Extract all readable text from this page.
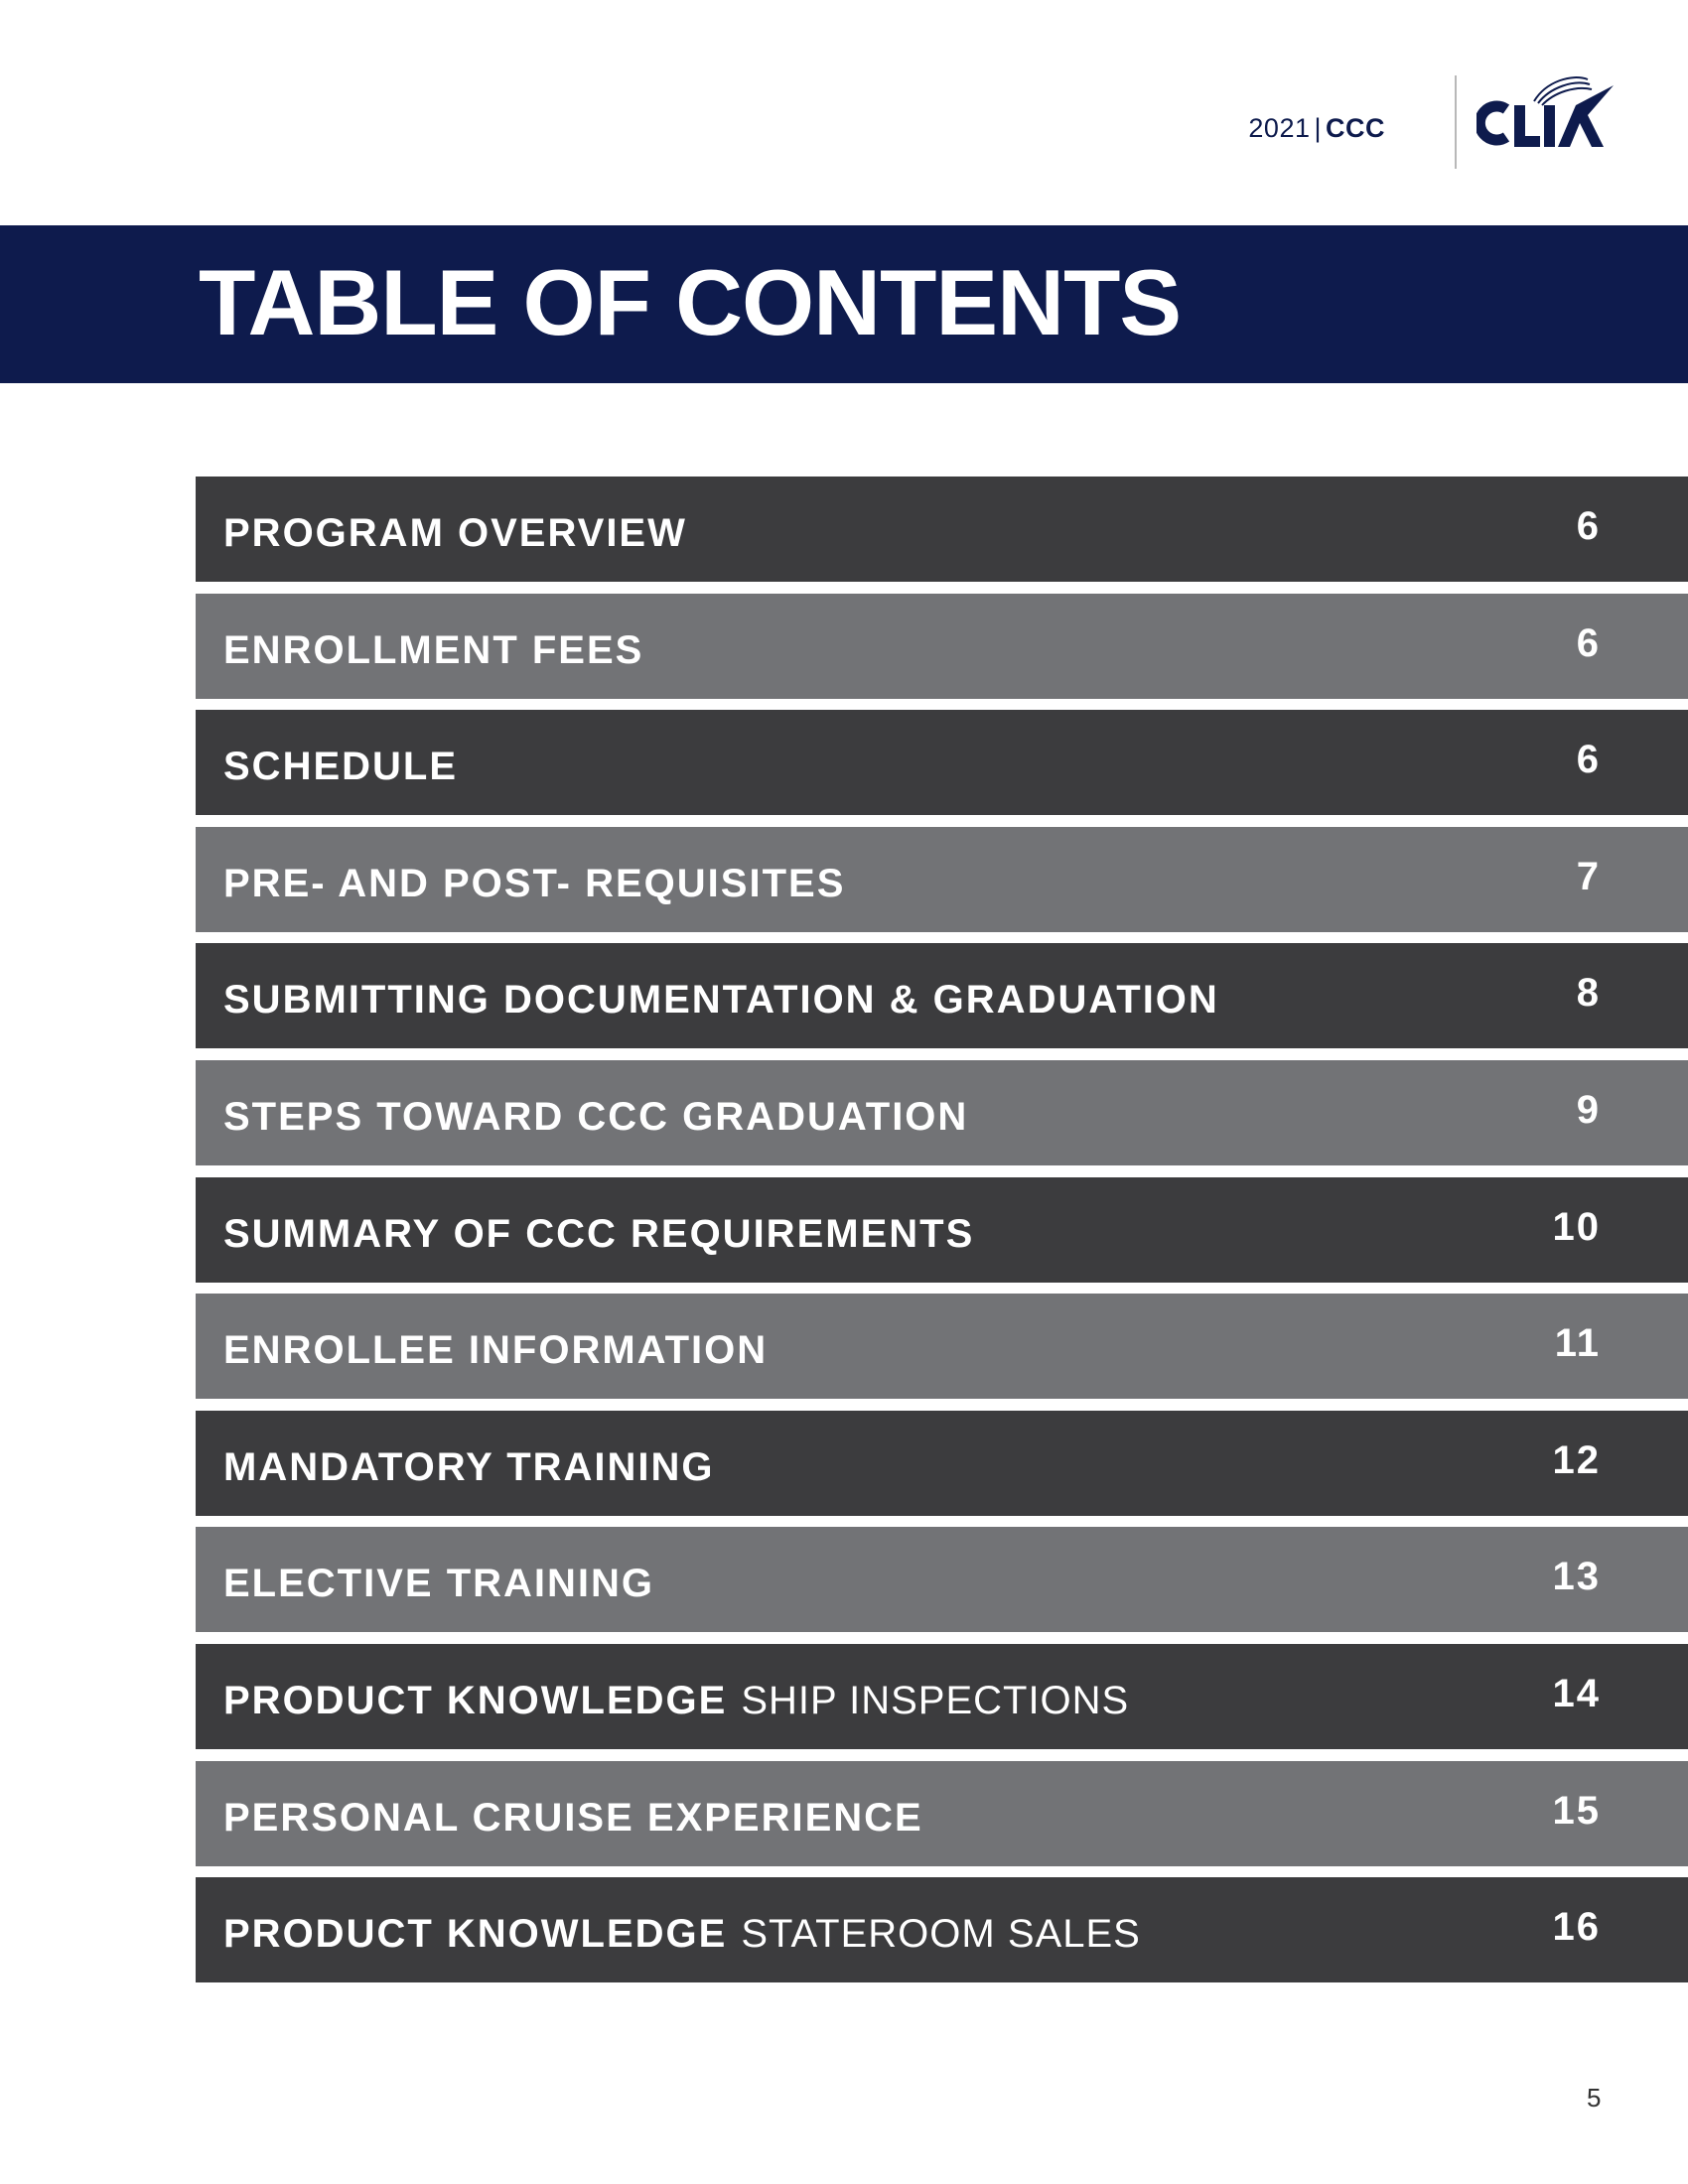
2021 | CCC
TABLE OF CONTENTS
PROGRAM OVERVIEW	6
ENROLLMENT FEES	6
SCHEDULE	6
PRE- AND POST- REQUISITES	7
SUBMITTING DOCUMENTATION & GRADUATION	8
STEPS TOWARD CCC GRADUATION	9
SUMMARY OF CCC REQUIREMENTS	10
ENROLLEE INFORMATION	11
MANDATORY TRAINING	12
ELECTIVE TRAINING	13
PRODUCT KNOWLEDGE SHIP INSPECTIONS	14
PERSONAL CRUISE EXPERIENCE	15
PRODUCT KNOWLEDGE STATEROOM SALES	16
5
